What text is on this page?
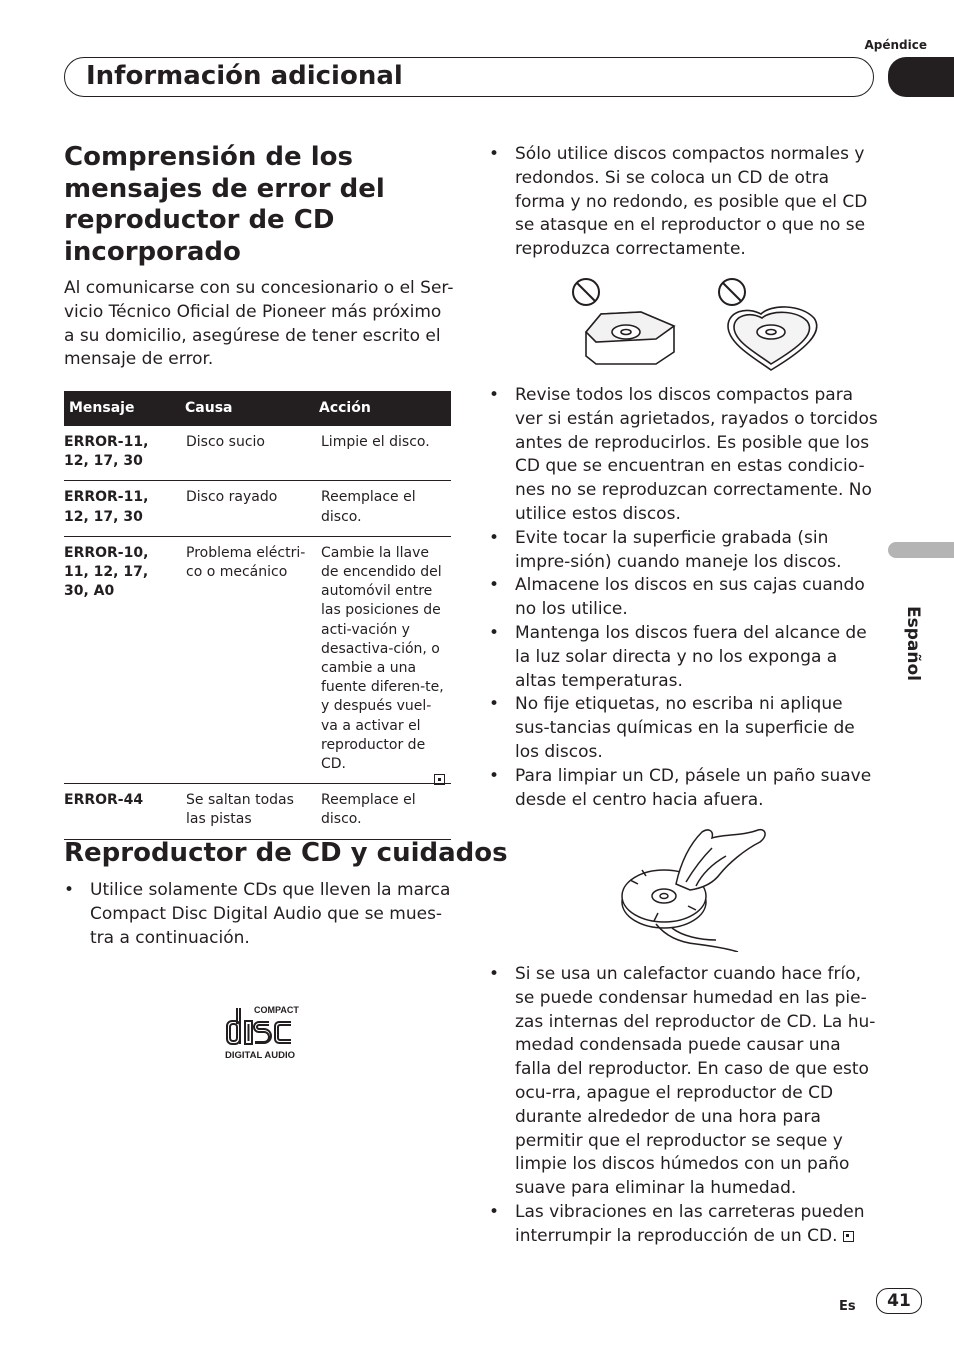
Apéndice
Información adicional
Español
Comprensión de los mensajes de error del reproductor de CD incorporado

Al comunicarse con su concesionario o el Ser-vicio Técnico Oficial de Pioneer más próximo a su domicilio, asegúrese de tener escrito el mensaje de error.

Mensaje	Causa	Acción
ERROR-11, 12, 17, 30	Disco sucio	Limpie el disco.
ERROR-11, 12, 17, 30	Disco rayado	Reemplace el disco.
ERROR-10, 11, 12, 17, 30, A0	Problema eléctri-co o mecánico	Cambie la llave de encendido del automóvil entre las posiciones de acti-vación y desactiva-ción, o cambie a una fuente diferen-te, y después vuel-va a activar el reproductor de CD.
ERROR-44	Se saltan todas las pistas	Reemplace el disco.
Reproductor de CD y cuidados
• Utilice solamente CDs que lleven la marca Compact Disc Digital Audio que se mues-tra a continuación.
COMPACT
DIGITAL AUDIO
• Sólo utilice discos compactos normales y redondos. Si se coloca un CD de otra forma y no redondo, es posible que el CD se atasque en el reproductor o que no se reproduzca correctamente.
• Revise todos los discos compactos para ver si están agrietados, rayados o torcidos antes de reproducirlos. Es posible que los CD que se encuentran en estas condicio-nes no se reproduzcan correctamente. No utilice estos discos.
• Evite tocar la superficie grabada (sin impre-sión) cuando maneje los discos.
• Almacene los discos en sus cajas cuando no los utilice.
• Mantenga los discos fuera del alcance de la luz solar directa y no los exponga a altas temperaturas.
• No fije etiquetas, no escriba ni aplique sus-tancias químicas en la superficie de los discos.
• Para limpiar un CD, pásele un paño suave desde el centro hacia afuera.
• Si se usa un calefactor cuando hace frío, se puede condensar humedad en las pie-zas internas del reproductor de CD. La hu-medad condensada puede causar una falla del reproductor. En caso de que esto ocu-rra, apague el reproductor de CD durante alrededor de una hora para permitir que el reproductor se seque y limpie los discos húmedos con un paño suave para eliminar la humedad.
• Las vibraciones en las carreteras pueden interrumpir la reproducción de un CD.
Es	41
